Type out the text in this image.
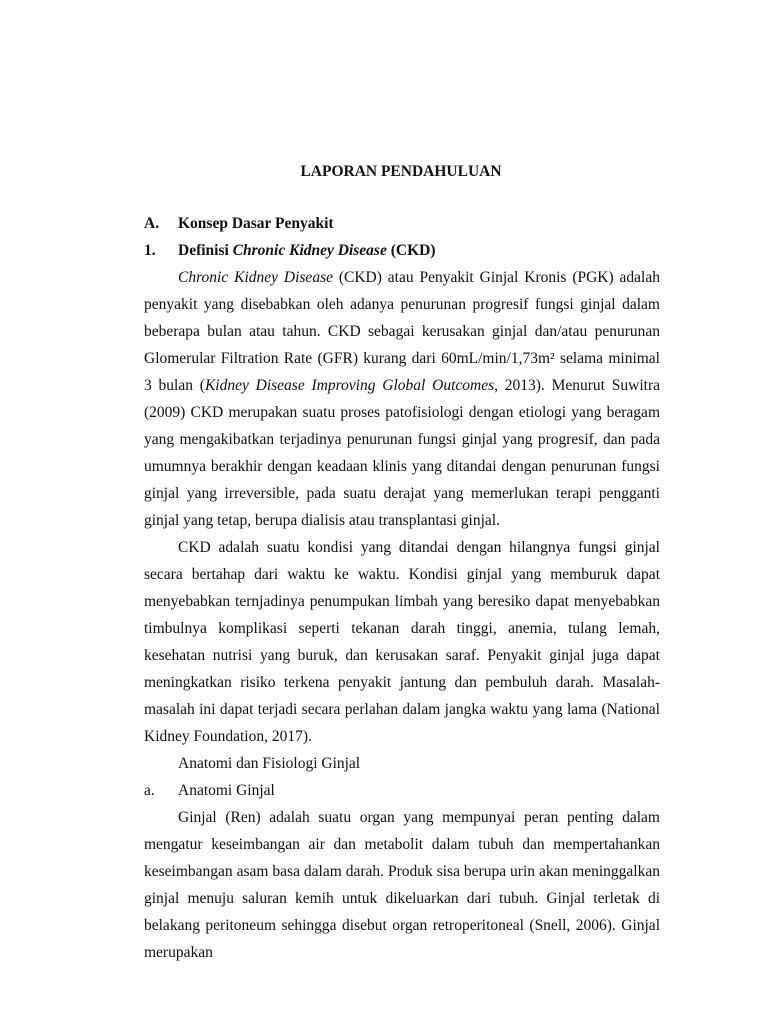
LAPORAN PENDAHULUAN
A. Konsep Dasar Penyakit
1. Definisi Chronic Kidney Disease (CKD)

Chronic Kidney Disease (CKD) atau Penyakit Ginjal Kronis (PGK) adalah penyakit yang disebabkan oleh adanya penurunan progresif fungsi ginjal dalam beberapa bulan atau tahun. CKD sebagai kerusakan ginjal dan/atau penurunan Glomerular Filtration Rate (GFR) kurang dari 60mL/min/1,73m² selama minimal 3 bulan (Kidney Disease Improving Global Outcomes, 2013). Menurut Suwitra (2009) CKD merupakan suatu proses patofisiologi dengan etiologi yang beragam yang mengakibatkan terjadinya penurunan fungsi ginjal yang progresif, dan pada umumnya berakhir dengan keadaan klinis yang ditandai dengan penurunan fungsi ginjal yang irreversible, pada suatu derajat yang memerlukan terapi pengganti ginjal yang tetap, berupa dialisis atau transplantasi ginjal.

CKD adalah suatu kondisi yang ditandai dengan hilangnya fungsi ginjal secara bertahap dari waktu ke waktu. Kondisi ginjal yang memburuk dapat menyebabkan ternjadinya penumpukan limbah yang beresiko dapat menyebabkan timbulnya komplikasi seperti tekanan darah tinggi, anemia, tulang lemah, kesehatan nutrisi yang buruk, dan kerusakan saraf. Penyakit ginjal juga dapat meningkatkan risiko terkena penyakit jantung dan pembuluh darah. Masalah-masalah ini dapat terjadi secara perlahan dalam jangka waktu yang lama (National Kidney Foundation, 2017).

Anatomi dan Fisiologi Ginjal

a. Anatomi Ginjal

Ginjal (Ren) adalah suatu organ yang mempunyai peran penting dalam mengatur keseimbangan air dan metabolit dalam tubuh dan mempertahankan keseimbangan asam basa dalam darah. Produk sisa berupa urin akan meninggalkan ginjal menuju saluran kemih untuk dikeluarkan dari tubuh. Ginjal terletak di belakang peritoneum sehingga disebut organ retroperitoneal (Snell, 2006). Ginjal merupakan
